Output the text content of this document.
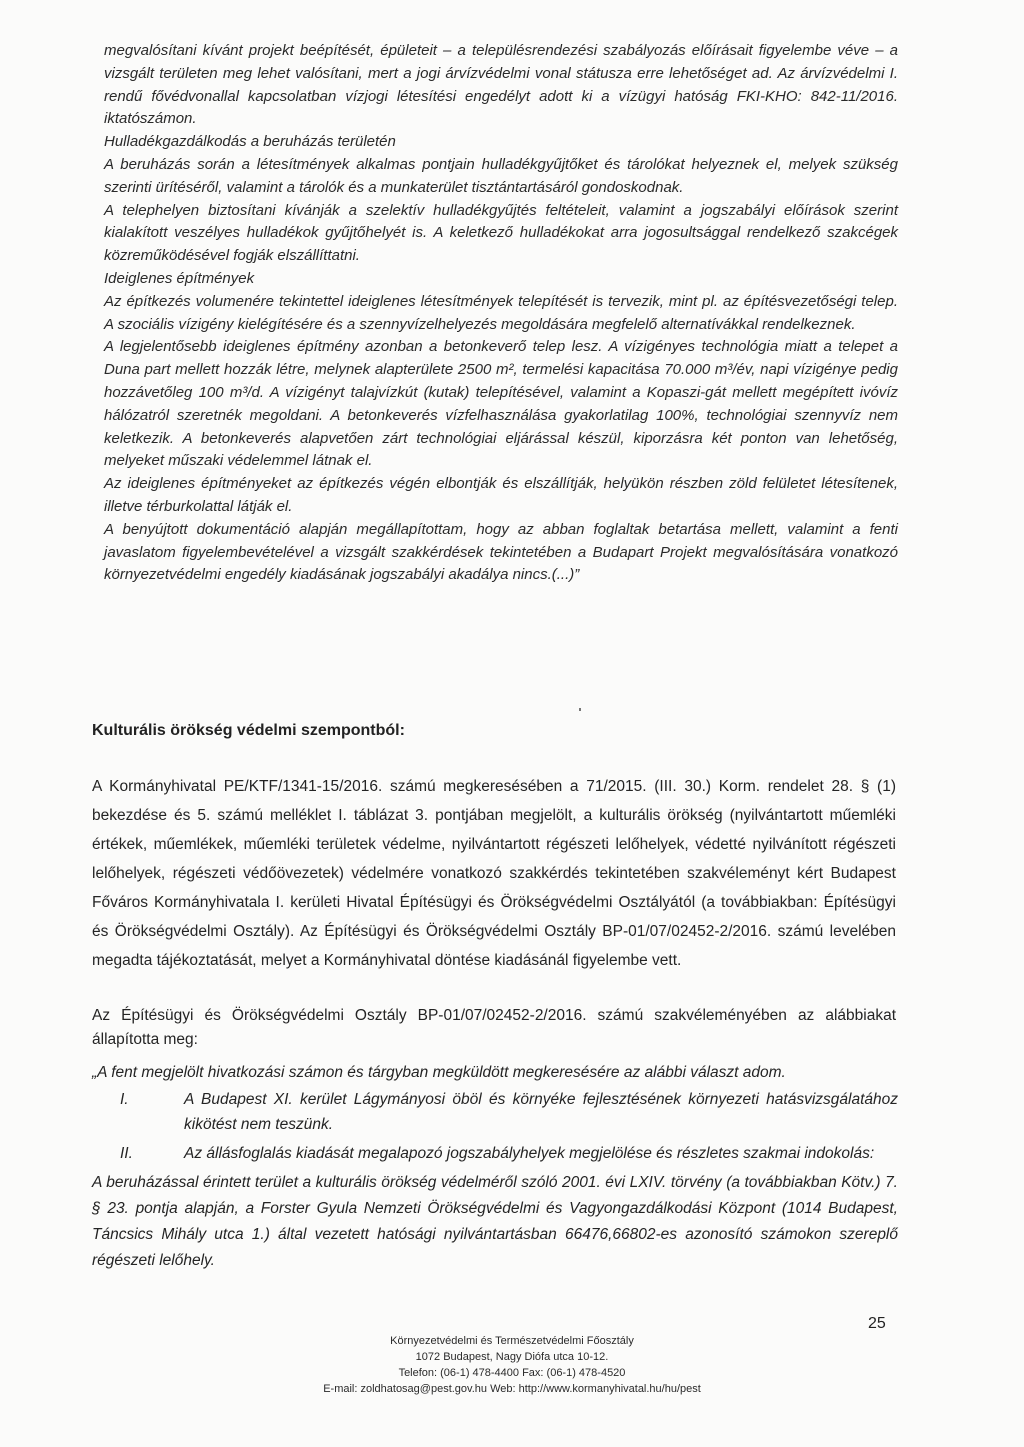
megvalósítani kívánt projekt beépítését, épületeit – a településrendezési szabályozás előírásait figyelembe véve – a vizsgált területen meg lehet valósítani, mert a jogi árvízvédelmi vonal státusza erre lehetőséget ad. Az árvízvédelmi I. rendű fővédvonallal kapcsolatban vízjogi létesítési engedélyt adott ki a vízügyi hatóság FKI-KHO: 842-11/2016. iktatószámon.

Hulladékgazdálkodás a beruházás területén

A beruházás során a létesítmények alkalmas pontjain hulladékgyűjtőket és tárolókat helyeznek el, melyek szükség szerinti ürítéséről, valamint a tárolók és a munkaterület tisztántartásáról gondoskodnak.

A telephelyen biztosítani kívánják a szelektív hulladékgyűjtés feltételeit, valamint a jogszabályi előírások szerint kialakított veszélyes hulladékok gyűjtőhelyét is. A keletkező hulladékokat arra jogosultsággal rendelkező szakcégek közreműködésével fogják elszállíttatni.

Ideiglenes építmények

Az építkezés volumenére tekintettel ideiglenes létesítmények telepítését is tervezik, mint pl. az építésvezetőségi telep. A szociális vízigény kielégítésére és a szennyvízelhelyezés megoldására megfelelő alternatívákkal rendelkeznek.

A legjelentősebb ideiglenes építmény azonban a betonkeverő telep lesz. A vízigényes technológia miatt a telepet a Duna part mellett hozzák létre, melynek alapterülete 2500 m², termelési kapacitása 70.000 m³/év, napi vízigénye pedig hozzávetőleg 100 m³/d. A vízigényt talajvízkút (kutak) telepítésével, valamint a Kopaszi-gát mellett megépített ivóvíz hálózatról szeretnék megoldani. A betonkeverés vízfelhasználása gyakorlatilag 100%, technológiai szennyvíz nem keletkezik. A betonkeverés alapvetően zárt technológiai eljárással készül, kiporzásra két ponton van lehetőség, melyeket műszaki védelemmel látnak el.

Az ideiglenes építményeket az építkezés végén elbontják és elszállítják, helyükön részben zöld felületet létesítenek, illetve térburkolattal látják el.

A benyújtott dokumentáció alapján megállapítottam, hogy az abban foglaltak betartása mellett, valamint a fenti javaslatom figyelembevételével a vizsgált szakkérdések tekintetében a Budapart Projekt megvalósítására vonatkozó környezetvédelmi engedély kiadásának jogszabályi akadálya nincs.(...)”

Kulturális örökség védelmi szempontból:
A Kormányhivatal PE/KTF/1341-15/2016. számú megkeresésében a 71/2015. (III. 30.) Korm. rendelet 28. § (1) bekezdése és 5. számú melléklet I. táblázat 3. pontjában megjelölt, a kulturális örökség (nyilvántartott műemléki értékek, műemlékek, műemléki területek védelme, nyilvántartott régészeti lelőhelyek, védetté nyilvánított régészeti lelőhelyek, régészeti védőövezetek) védelmére vonatkozó szakkérdés tekintetében szakvéleményt kért Budapest Főváros Kormányhivatala I. kerületi Hivatal Építésügyi és Örökségvédelmi Osztályától (a továbbiakban: Építésügyi és Örökségvédelmi Osztály). Az Építésügyi és Örökségvédelmi Osztály BP-01/07/02452-2/2016. számú levelében megadta tájékoztatását, melyet a Kormányhivatal döntése kiadásánál figyelembe vett.
Az Építésügyi és Örökségvédelmi Osztály BP-01/07/02452-2/2016. számú szakvéleményében az alábbiakat állapította meg:

„A fent megjelölt hivatkozási számon és tárgyban megküldött megkeresésére az alábbi választ adom.

I.	A Budapest XI. kerület Lágymányosi öböl és környéke fejlesztésének környezeti hatásvizsgálatához kikötést nem teszünk.

II.	Az állásfoglalás kiadását megalapozó jogszabályhelyek megjelölése és részletes szakmai indokolás:

A beruházással érintett terület a kulturális örökség védelméről szóló 2001. évi LXIV. törvény (a továbbiakban Kötv.) 7. § 23. pontja alapján, a Forster Gyula Nemzeti Örökségvédelmi és Vagyongazdálkodási Központ (1014 Budapest, Táncsics Mihály utca 1.) által vezetett hatósági nyilvántartásban 66476,66802-es azonosító számokon szereplő régészeti lelőhely.

25
Környezetvédelmi és Természetvédelmi Főosztály
1072 Budapest, Nagy Diófa utca 10-12.
Telefon: (06-1) 478-4400 Fax: (06-1) 478-4520
E-mail: zoldhatosag@pest.gov.hu Web: http://www.kormanyhivatal.hu/hu/pest
